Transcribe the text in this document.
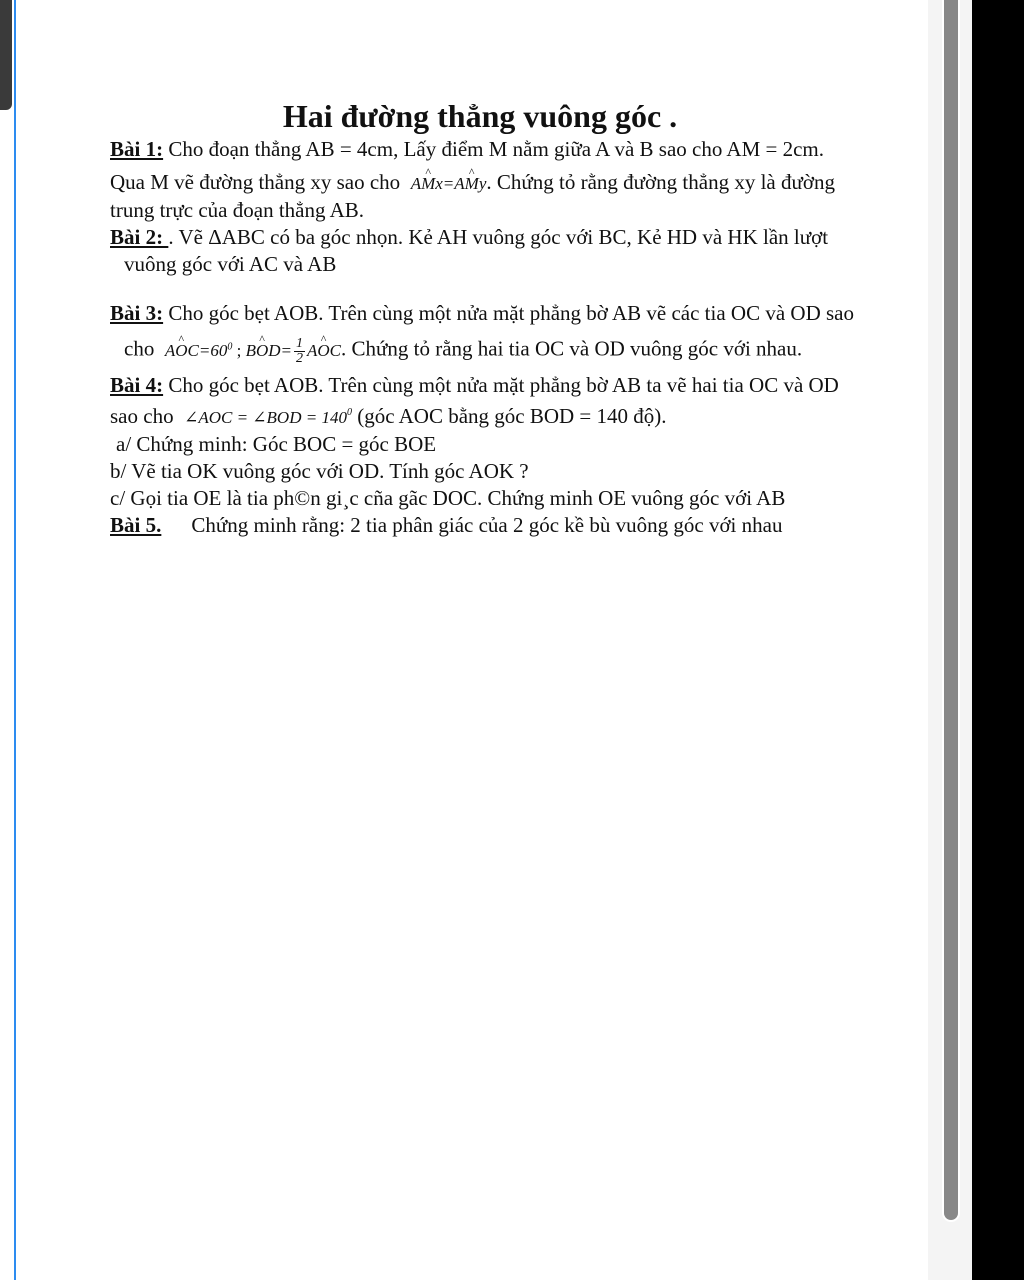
Hai đường thẳng vuông góc .

Bài 1: Cho đoạn thẳng AB = 4cm, Lấy điểm M nằm giữa A và B sao cho AM = 2cm.

Qua M vẽ đường thẳng xy sao cho A^ Mx=A^ My. Chứng tỏ rằng đường thẳng xy là đường

trung trực của đoạn thẳng AB.

Bài 2: . Vẽ ΔABC có ba góc nhọn. Kẻ AH vuông góc với BC, Kẻ HD và HK lần lượt

vuông góc với AC và AB

Bài 3: Cho góc bẹt AOB. Trên cùng một nửa mặt phẳng bờ AB vẽ các tia OC và OD sao

cho A^ $OC=60^0$ ; B^ $OD= \frac{1}{2}$ A^ OC. Chứng tỏ rằng hai tia OC và OD vuông góc với nhau.

Bài 4: Cho góc bẹt AOB. Trên cùng một nửa mặt phẳng bờ AB ta vẽ hai tia OC và OD

sao cho ∠AOC = ∠BOD = $140^0$ (góc AOC bằng góc BOD = 140 độ).

a/ Chứng minh: Góc BOC = góc BOE

b/ Vẽ tia OK vuông góc với OD. Tính góc AOK ?

c/ Gọi tia OE là tia ph©n gi¸c cña gãc DOC. Chứng minh OE vuông góc với AB

Bài 5. Chứng minh rằng: 2 tia phân giác của 2 góc kề bù vuông góc với nhau
